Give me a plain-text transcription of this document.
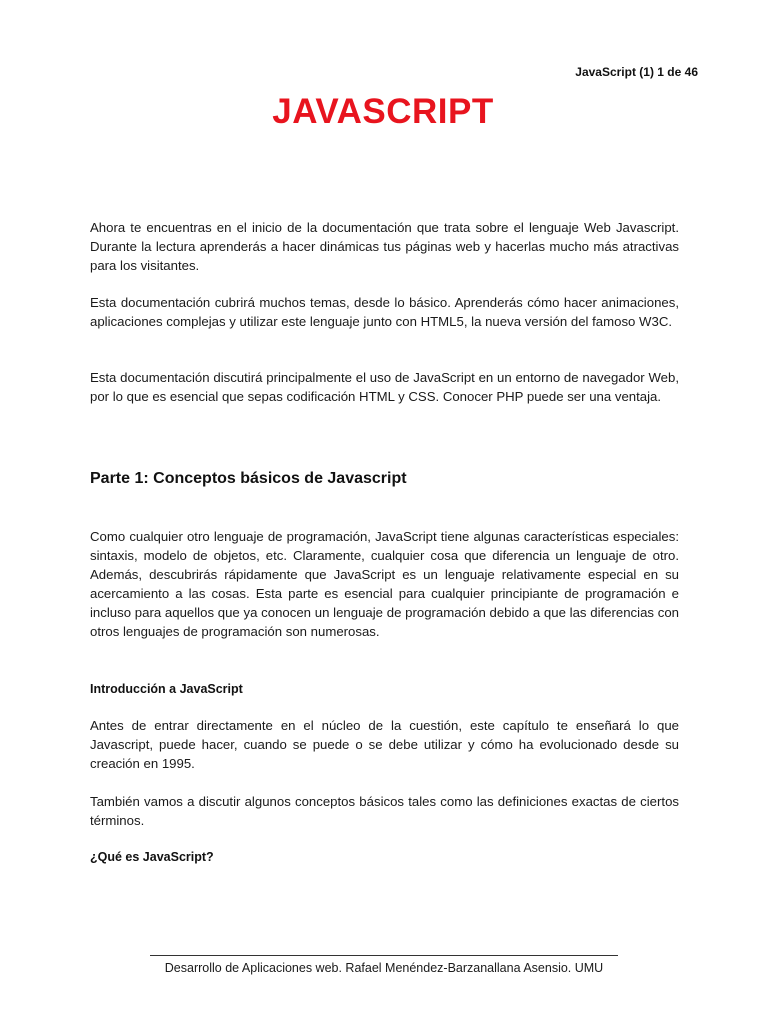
JavaScript (1) 1 de 46
JAVASCRIPT

Ahora te encuentras en el inicio de la documentación que trata sobre el lenguaje Web Javascript. Durante la lectura aprenderás a hacer dinámicas tus páginas web y hacerlas mucho más atractivas para los visitantes.

Esta documentación cubrirá muchos temas, desde lo básico. Aprenderás cómo hacer animaciones, aplicaciones complejas y utilizar este lenguaje junto con HTML5, la nueva versión del famoso W3C.

Esta documentación discutirá principalmente el uso de JavaScript en un entorno de navegador Web, por lo que es esencial que sepas codificación HTML y CSS. Conocer PHP puede ser una ventaja.

Parte 1: Conceptos básicos de Javascript

Como cualquier otro lenguaje de programación, JavaScript tiene algunas características especiales: sintaxis, modelo de objetos, etc. Claramente, cualquier cosa que diferencia un lenguaje de otro. Además, descubrirás rápidamente que JavaScript es un lenguaje relativamente especial en su acercamiento a las cosas. Esta parte es esencial para cualquier principiante de programación e incluso para aquellos que ya conocen un lenguaje de programación debido a que las diferencias con otros lenguajes de programación son numerosas.

Introducción a JavaScript

Antes de entrar directamente en el núcleo de la cuestión, este capítulo te enseñará lo que Javascript, puede hacer, cuando se puede o se debe utilizar y cómo ha evolucionado desde su creación en 1995.

También vamos a discutir algunos conceptos básicos tales como las definiciones exactas de ciertos términos.

¿Qué es JavaScript?
Desarrollo de Aplicaciones web. Rafael Menéndez-Barzanallana Asensio. UMU
